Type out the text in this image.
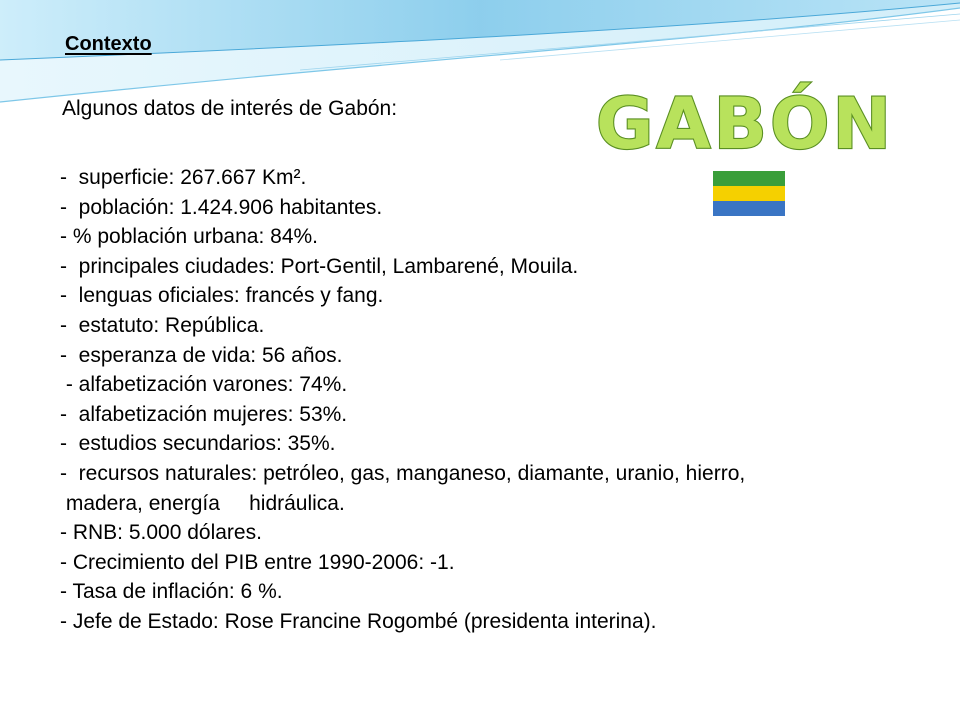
Contexto
Algunos datos de interés de Gabón:	GABÓN
-  superficie: 267.667 Km².
-  población: 1.424.906 habitantes.
- % población urbana: 84%.
-  principales ciudades: Port-Gentil, Lambarené, Mouila.
-  lenguas oficiales: francés y fang.
-  estatuto: República.
-  esperanza de vida: 56 años.
- alfabetización varones: 74%.
-  alfabetización mujeres: 53%.
-  estudios secundarios: 35%.
-  recursos naturales: petróleo, gas, manganeso, diamante, uranio, hierro,
madera, energía     hidráulica.
- RNB: 5.000 dólares.
- Crecimiento del PIB entre 1990-2006: -1.
- Tasa de inflación: 6 %.
- Jefe de Estado: Rose Francine Rogombé (presidenta interina).
